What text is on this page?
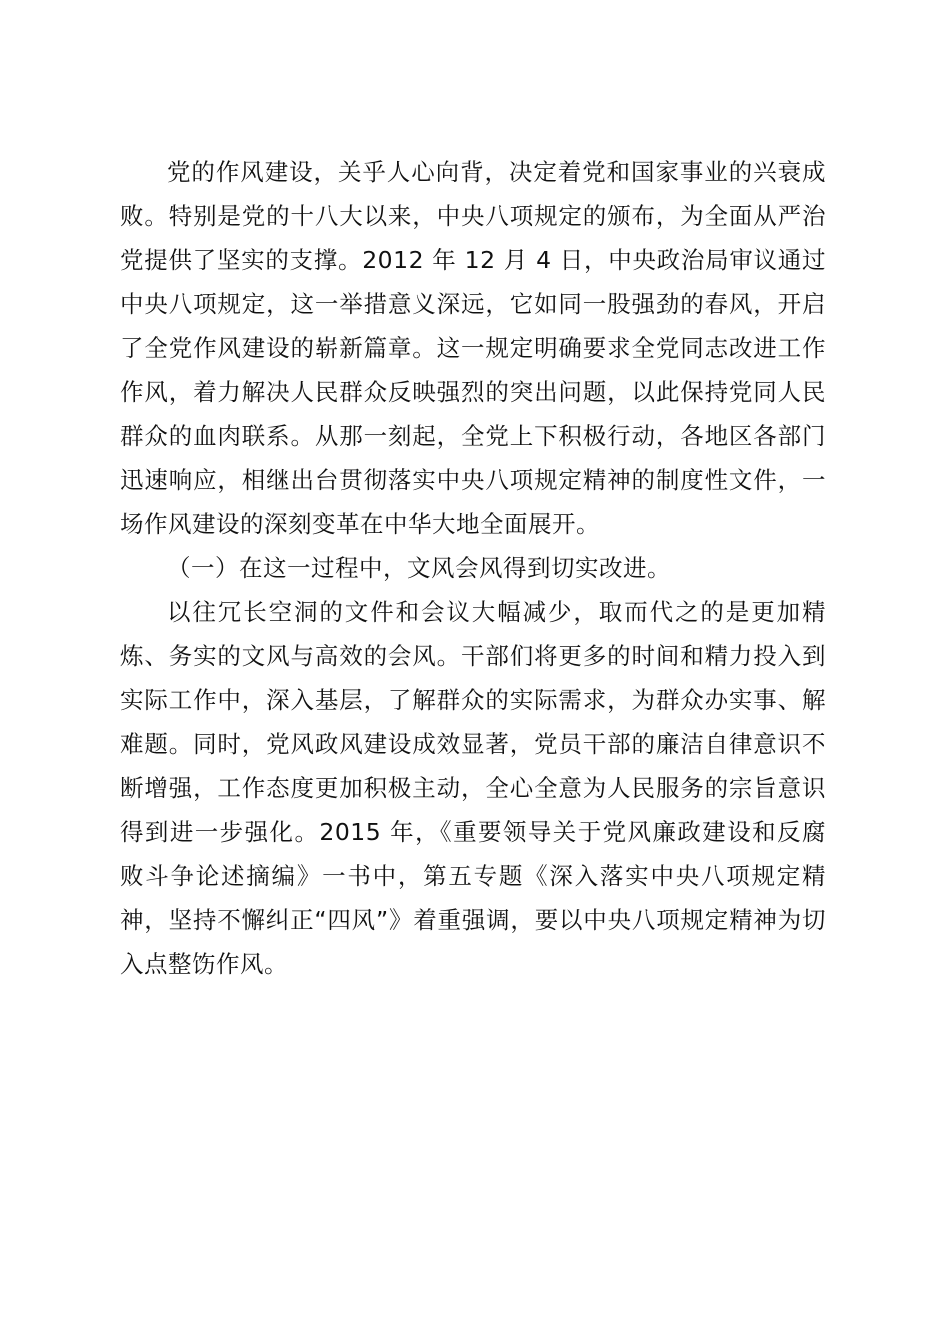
党的作风建设，关乎人心向背，决定着党和国家事业的兴衰成败。特别是党的十八大以来，中央八项规定的颁布，为全面从严治党提供了坚实的支撑。2012 年 12 月 4 日，中央政治局审议通过中央八项规定，这一举措意义深远，它如同一股强劲的春风，开启了全党作风建设的崭新篇章。这一规定明确要求全党同志改进工作作风，着力解决人民群众反映强烈的突出问题，以此保持党同人民群众的血肉联系。从那一刻起，全党上下积极行动，各地区各部门迅速响应，相继出台贯彻落实中央八项规定精神的制度性文件，一场作风建设的深刻变革在中华大地全面展开。

（一）在这一过程中，文风会风得到切实改进。

以往冗长空洞的文件和会议大幅减少，取而代之的是更加精炼、务实的文风与高效的会风。干部们将更多的时间和精力投入到实际工作中，深入基层，了解群众的实际需求，为群众办实事、解难题。同时，党风政风建设成效显著，党员干部的廉洁自律意识不断增强，工作态度更加积极主动，全心全意为人民服务的宗旨意识得到进一步强化。2015 年，《重要领导关于党风廉政建设和反腐败斗争论述摘编》一书中，第五专题《深入落实中央八项规定精神，坚持不懈纠正“四风”》着重强调，要以中央八项规定精神为切入点整饬作风。
